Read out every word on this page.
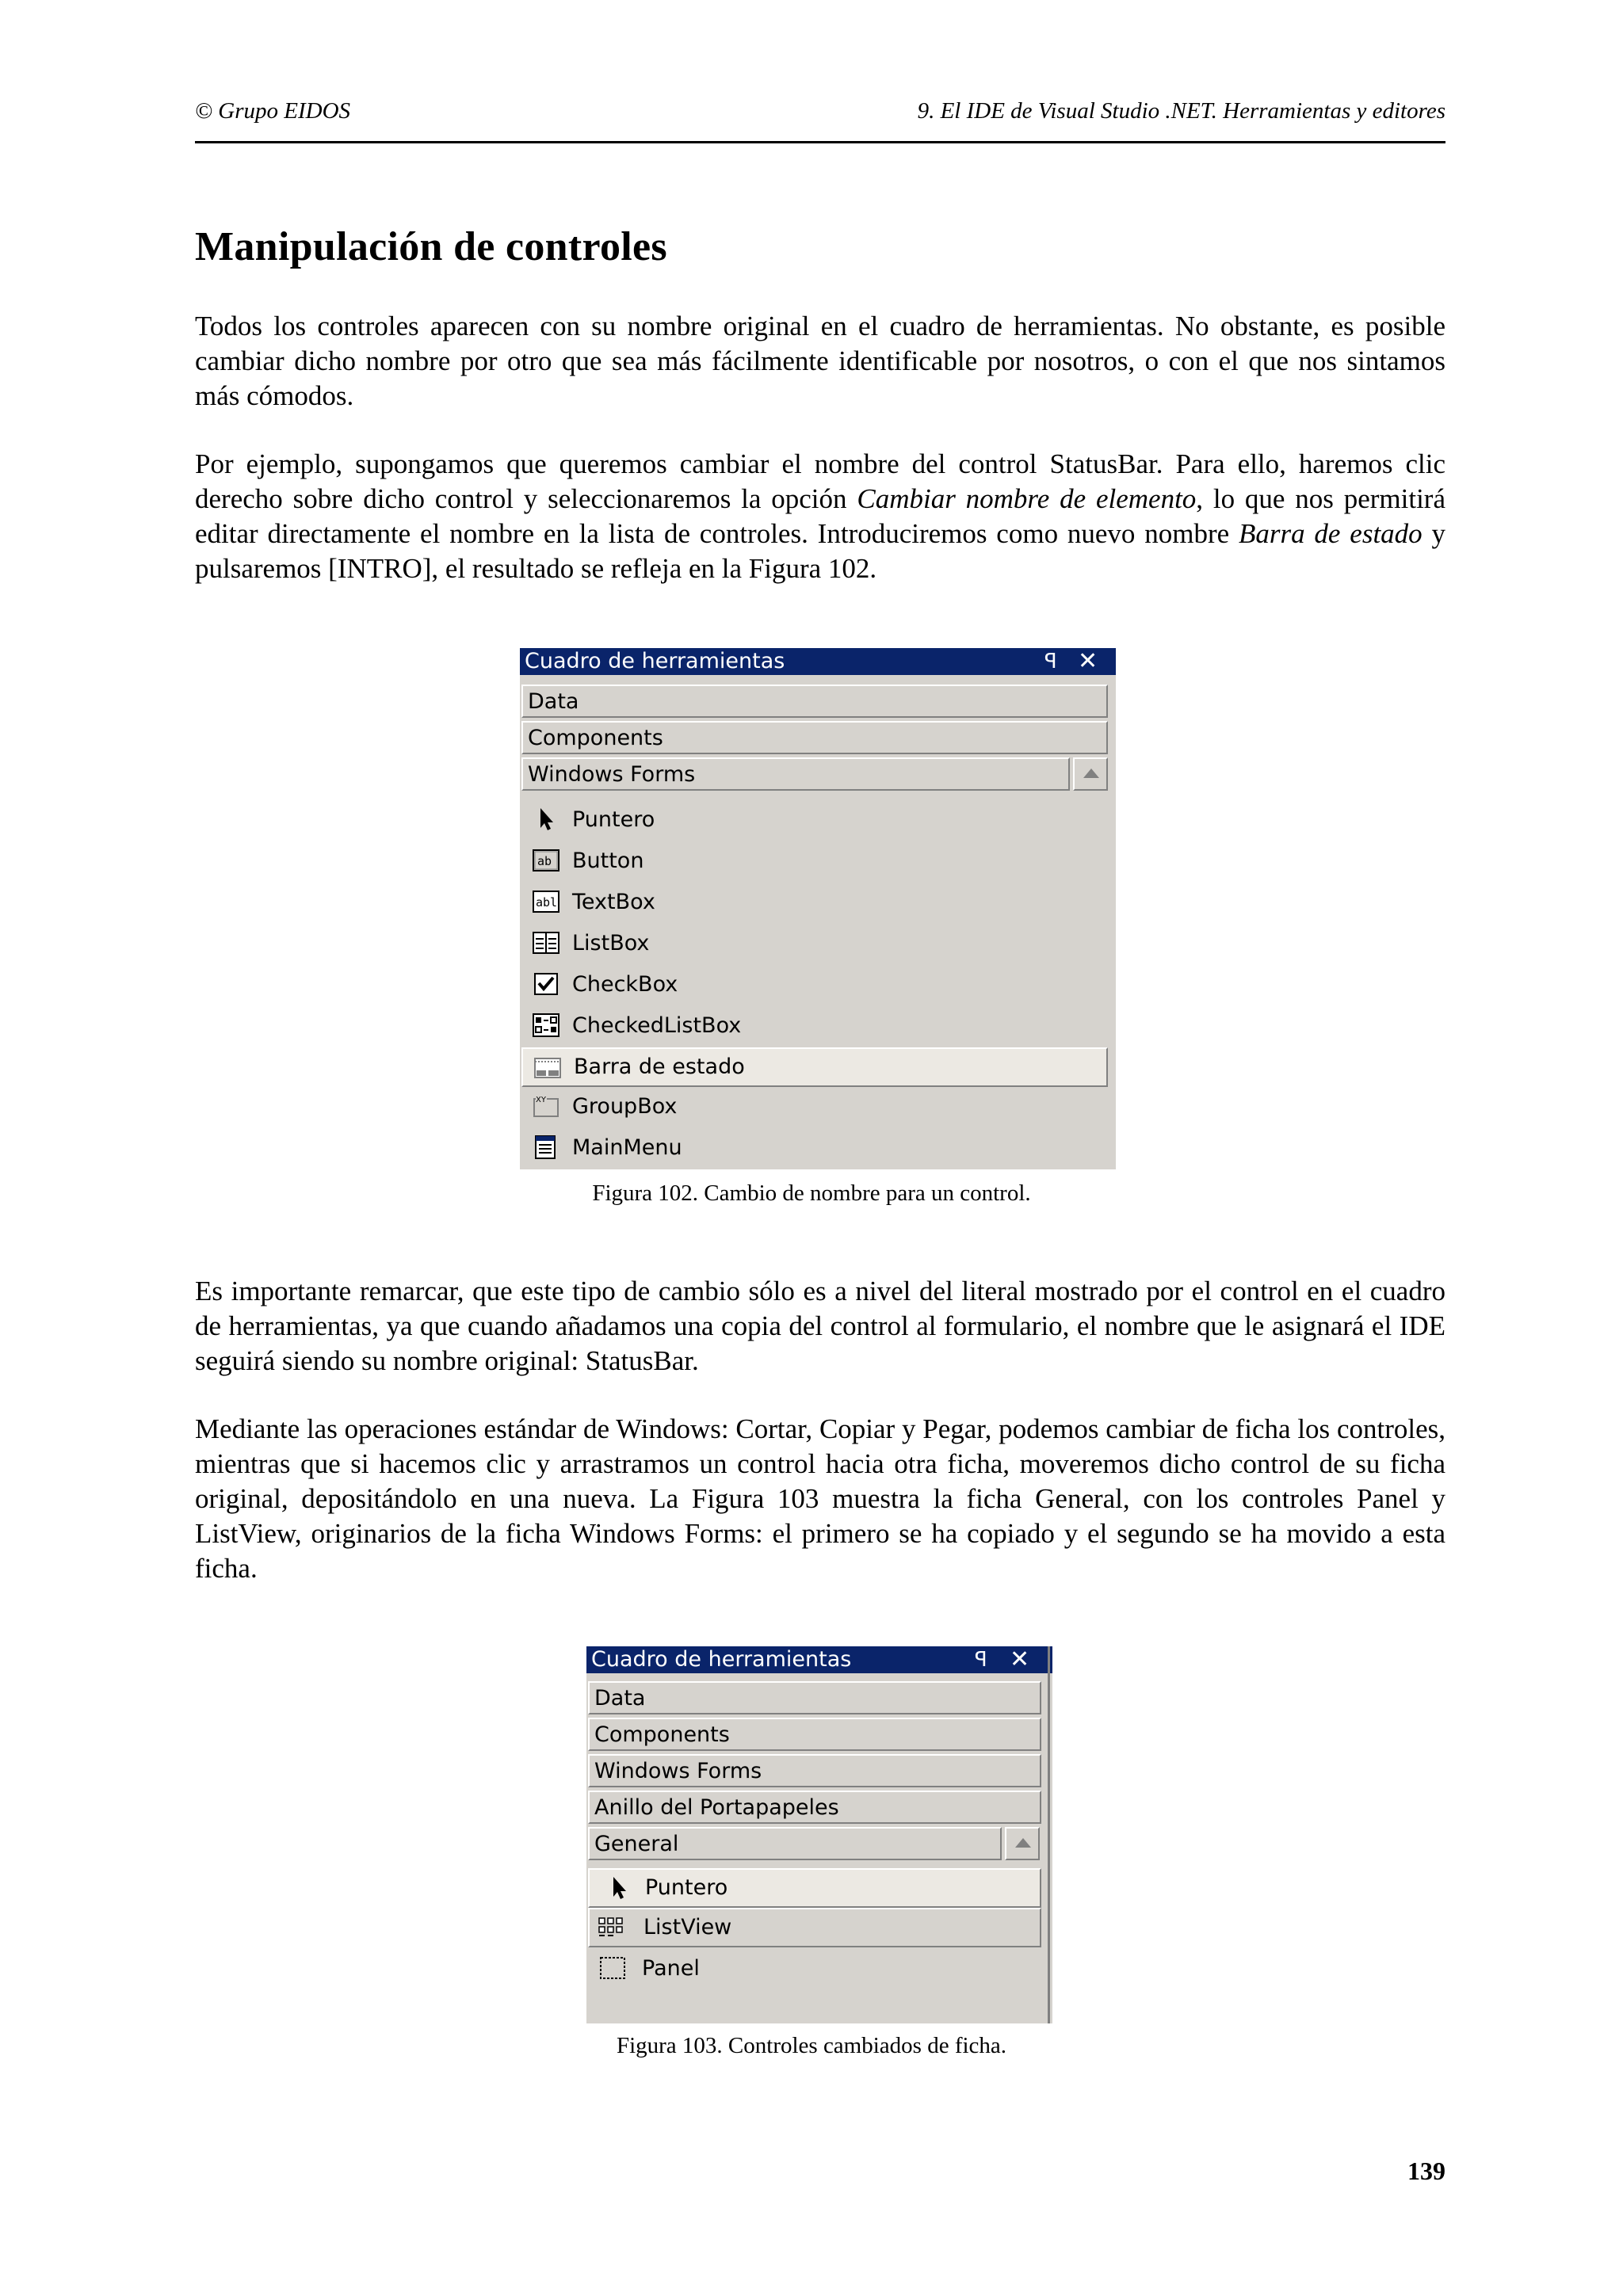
© Grupo EIDOS	9. El IDE de Visual Studio .NET. Herramientas y editores
Manipulación de controles

Todos los controles aparecen con su nombre original en el cuadro de herramientas. No obstante, es posible cambiar dicho nombre por otro que sea más fácilmente identificable por nosotros, o con el que nos sintamos más cómodos.

Por ejemplo, supongamos que queremos cambiar el nombre del control StatusBar. Para ello, haremos clic derecho sobre dicho control y seleccionaremos la opción Cambiar nombre de elemento, lo que nos permitirá editar directamente el nombre en la lista de controles. Introduciremos como nuevo nombre Barra de estado y pulsaremos [INTRO], el resultado se refleja en la Figura 102.

Cuadro de herramientas	ꟼ ✕
Data
Components
Windows Forms
Puntero
ab Button
abl TextBox
ListBox
CheckBox
CheckedListBox
Barra de estado
XY GroupBox
MainMenu
Figura 102. Cambio de nombre para un control.

Es importante remarcar, que este tipo de cambio sólo es a nivel del literal mostrado por el control en el cuadro de herramientas, ya que cuando añadamos una copia del control al formulario, el nombre que le asignará el IDE seguirá siendo su nombre original: StatusBar.

Mediante las operaciones estándar de Windows: Cortar, Copiar y Pegar, podemos cambiar de ficha los controles, mientras que si hacemos clic y arrastramos un control hacia otra ficha, moveremos dicho control de su ficha original, depositándolo en una nueva. La Figura 103 muestra la ficha General, con los controles Panel y ListView, originarios de la ficha Windows Forms: el primero se ha copiado y el segundo se ha movido a esta ficha.

Cuadro de herramientas	ꟼ ✕
Data
Components
Windows Forms
Anillo del Portapapeles
General
Puntero
ListView
Panel
Figura 103. Controles cambiados de ficha.
139
